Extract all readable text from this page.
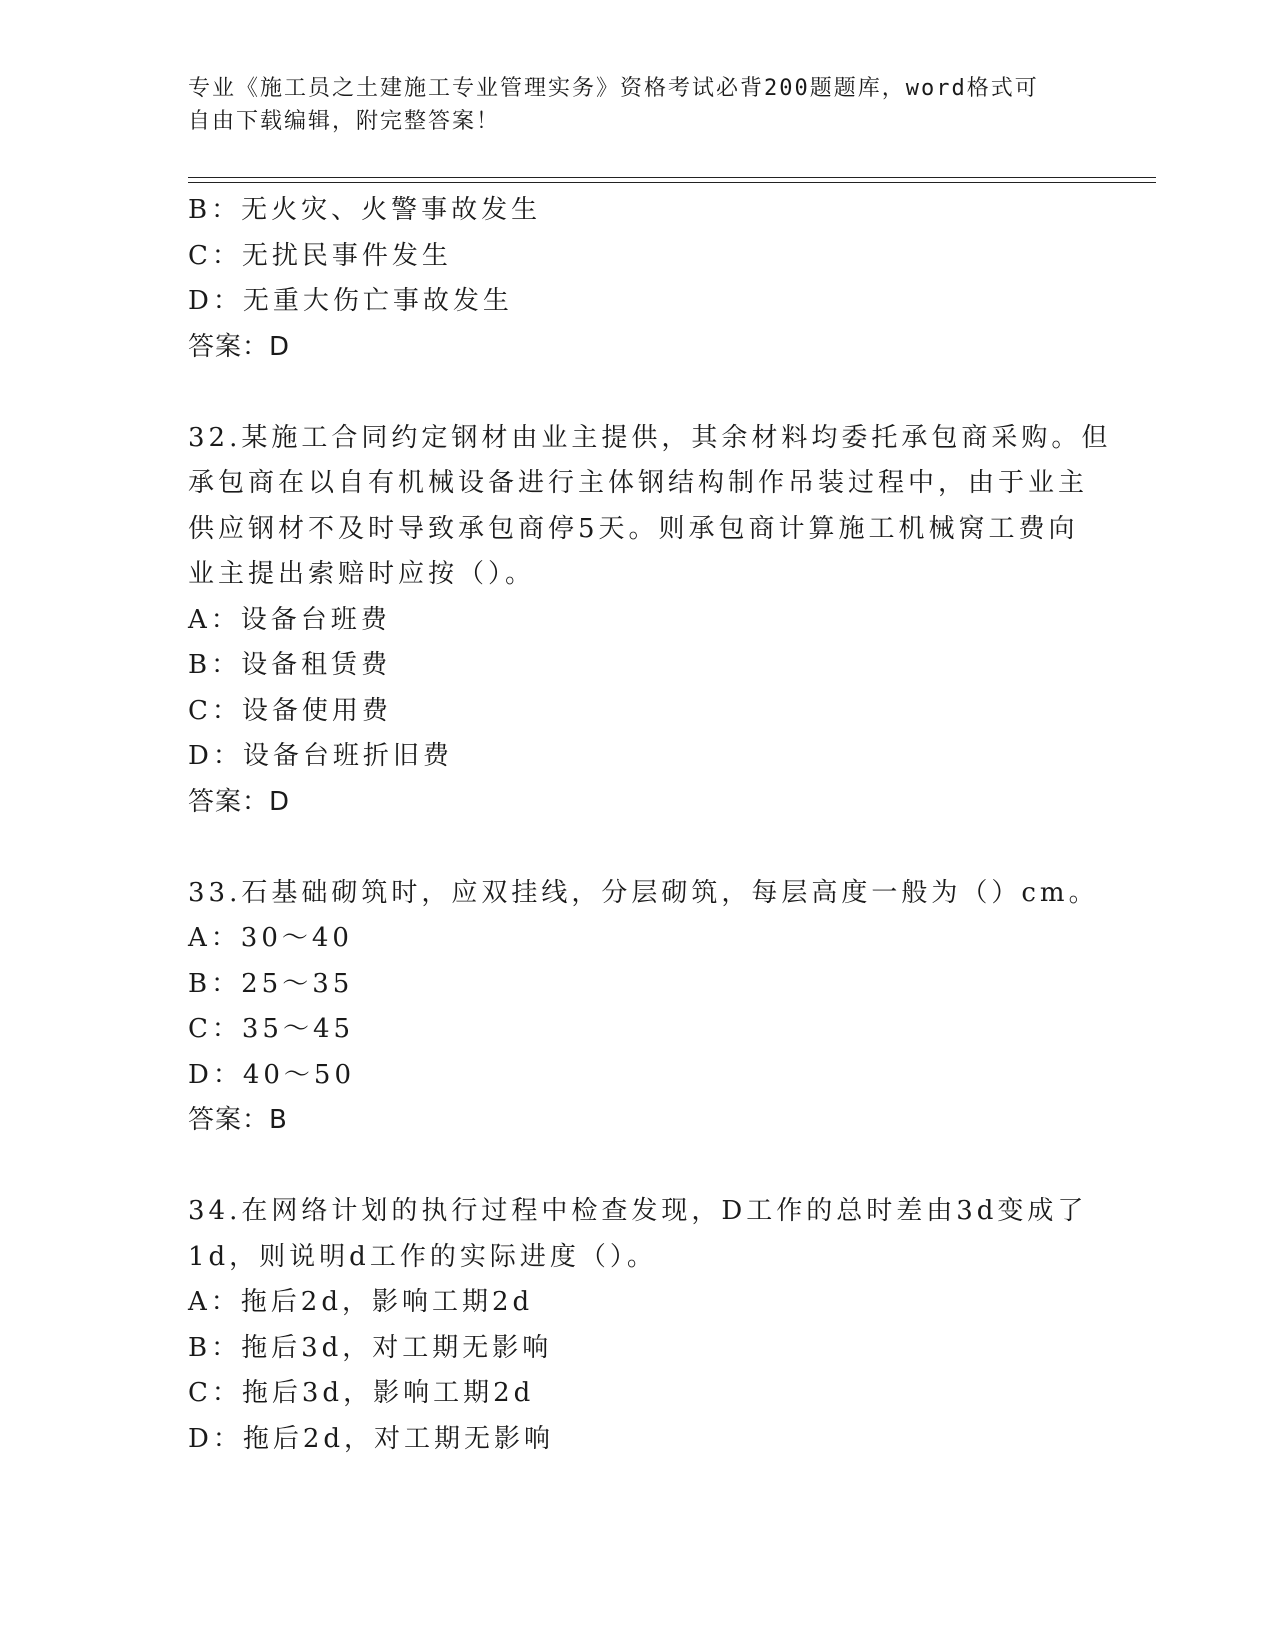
专业《施工员之土建施工专业管理实务》资格考试必背200题题库，word格式可
自由下载编辑，附完整答案！
B：无火灾、火警事故发生
C：无扰民事件发生
D：无重大伤亡事故发生
答案：D
32.某施工合同约定钢材由业主提供，其余材料均委托承包商采购。但
承包商在以自有机械设备进行主体钢结构制作吊装过程中，由于业主
供应钢材不及时导致承包商停5天。则承包商计算施工机械窝工费向
业主提出索赔时应按（）。
A：设备台班费
B：设备租赁费
C：设备使用费
D：设备台班折旧费
答案：D
33.石基础砌筑时，应双挂线，分层砌筑，每层高度一般为（）cm。
A：30～40
B：25～35
C：35～45
D：40～50
答案：B
34.在网络计划的执行过程中检查发现，D工作的总时差由3d变成了
1d，则说明d工作的实际进度（）。
A：拖后2d，影响工期2d
B：拖后3d，对工期无影响
C：拖后3d，影响工期2d
D：拖后2d，对工期无影响
